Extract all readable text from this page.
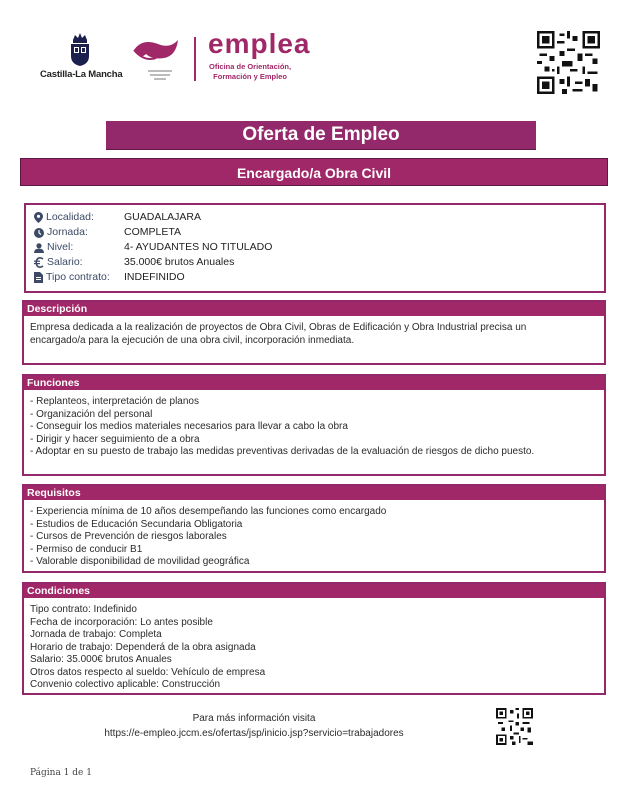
Castilla-La Mancha
emplea
Oficina de Orientación,
Formación y Empleo
Oferta de Empleo
Encargado/a Obra Civil
Localidad:	GUADALAJARA
Jornada:	COMPLETA
Nivel:	4- AYUDANTES NO TITULADO
Salario:	35.000€ brutos Anuales
Tipo contrato: INDEFINIDO
Descripción
Empresa dedicada a la realización de proyectos de Obra Civil, Obras de Edificación y Obra Industrial precisa un
encargado/a para la ejecución de una obra civil, incorporación inmediata.
Funciones
- Replanteos, interpretación de planos
- Organización del personal
- Conseguir los medios materiales necesarios para llevar a cabo la obra
- Dirigir y hacer seguimiento de a obra
- Adoptar en su puesto de trabajo las medidas preventivas derivadas de la evaluación de riesgos de dicho puesto.
Requisitos
- Experiencia mínima de 10 años desempeñando las funciones como encargado
- Estudios de Educación Secundaria Obligatoria
- Cursos de Prevención de riesgos laborales
- Permiso de conducir B1
- Valorable disponibilidad de movilidad geográfica
Condiciones
Tipo contrato: Indefinido
Fecha de incorporación: Lo antes posible
Jornada de trabajo: Completa
Horario de trabajo: Dependerá de la obra asignada
Salario: 35.000€ brutos Anuales
Otros datos respecto al sueldo: Vehículo de empresa
Convenio colectivo aplicable: Construcción
Para más información visita
https://e-empleo.jccm.es/ofertas/jsp/inicio.jsp?servicio=trabajadores
Página 1 de 1
